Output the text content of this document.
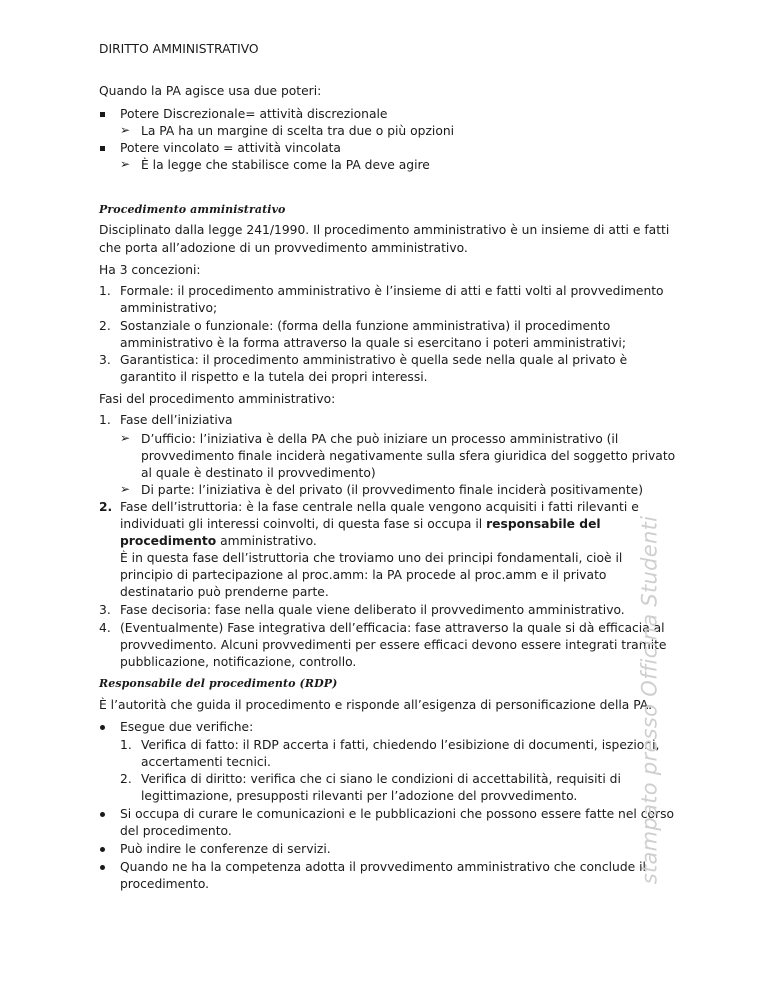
DIRITTO AMMINISTRATIVO
Quando la PA agisce usa due poteri:
Potere Discrezionale= attività discrezionale
➢ La PA ha un margine di scelta tra due o più opzioni
Potere vincolato = attività vincolata
➢ È la legge che stabilisce come la PA deve agire
Procedimento amministrativo
Disciplinato dalla legge 241/1990. Il procedimento amministrativo è un insieme di atti e fatti
che porta all’adozione di un provvedimento amministrativo.
Ha 3 concezioni:
1. Formale: il procedimento amministrativo è l’insieme di atti e fatti volti al provvedimento
amministrativo;
2. Sostanziale o funzionale: (forma della funzione amministrativa) il procedimento
amministrativo è la forma attraverso la quale si esercitano i poteri amministrativi;
3. Garantistica: il procedimento amministrativo è quella sede nella quale al privato è
garantito il rispetto e la tutela dei propri interessi.
Fasi del procedimento amministrativo:
1. Fase dell’iniziativa
➢ D’ufficio: l’iniziativa è della PA che può iniziare un processo amministrativo (il
provvedimento finale inciderà negativamente sulla sfera giuridica del soggetto privato
al quale è destinato il provvedimento)
➢ Di parte: l’iniziativa è del privato (il provvedimento finale inciderà positivamente)
2. Fase dell’istruttoria: è la fase centrale nella quale vengono acquisiti i fatti rilevanti e
individuati gli interessi coinvolti, di questa fase si occupa il responsabile del
procedimento amministrativo.
È in questa fase dell’istruttoria che troviamo uno dei principi fondamentali, cioè il
principio di partecipazione al proc.amm: la PA procede al proc.amm e il privato
destinatario può prenderne parte.
3. Fase decisoria: fase nella quale viene deliberato il provvedimento amministrativo.
4. (Eventualmente) Fase integrativa dell’efficacia: fase attraverso la quale si dà efficacia al
provvedimento. Alcuni provvedimenti per essere efficaci devono essere integrati tramite
pubblicazione, notificazione, controllo.
Responsabile del procedimento (RDP)
È l’autorità che guida il procedimento e risponde all’esigenza di personificazione della PA.
Esegue due verifiche:
1. Verifica di fatto: il RDP accerta i fatti, chiedendo l’esibizione di documenti, ispezioni,
accertamenti tecnici.
2. Verifica di diritto: verifica che ci siano le condizioni di accettabilità, requisiti di
legittimazione, presupposti rilevanti per l’adozione del provvedimento.
Si occupa di curare le comunicazioni e le pubblicazioni che possono essere fatte nel corso
del procedimento.
Può indire le conferenze di servizi.
Quando ne ha la competenza adotta il provvedimento amministrativo che conclude il
procedimento.	stampato presso Officina Studenti
